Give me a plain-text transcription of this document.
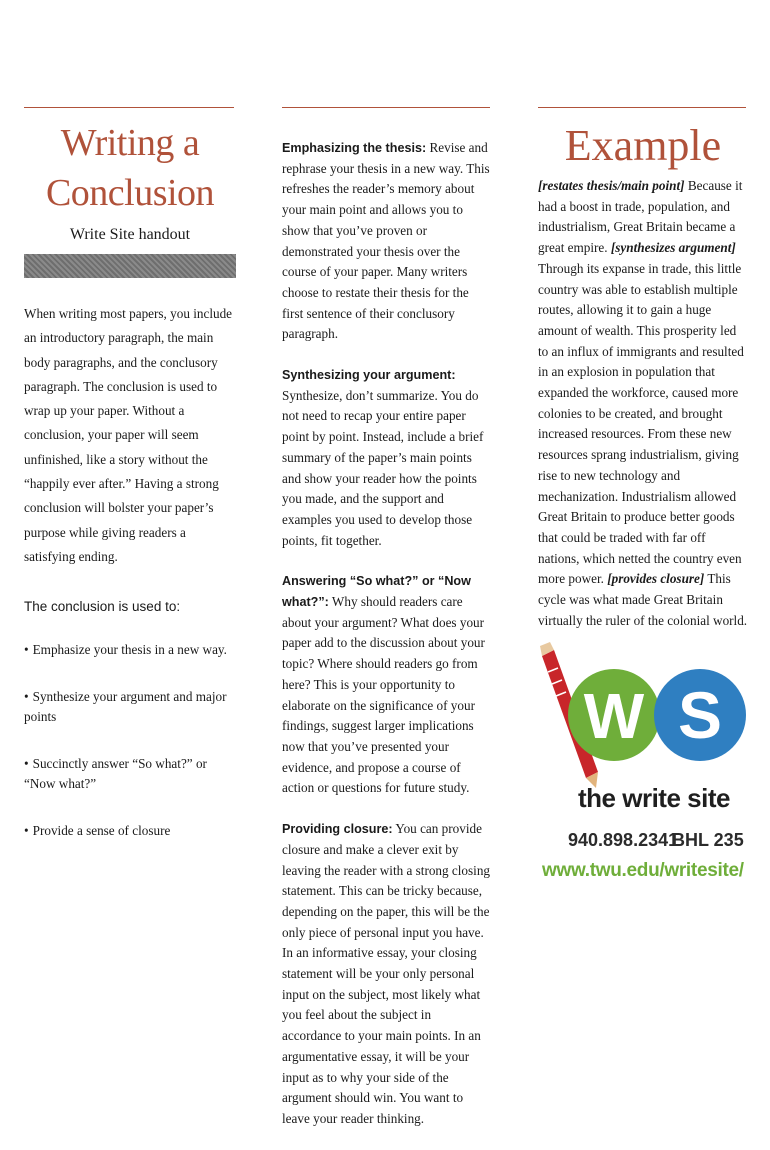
Writing a
Conclusion
Write Site handout
When writing most papers, you include an introductory paragraph, the main body paragraphs, and the conclusory paragraph. The conclusion is used to wrap up your paper. Without a conclusion, your paper will seem unfinished, like a story without the “happily ever after.” Having a strong conclusion will bolster your paper’s purpose while giving readers a satisfying ending.
The conclusion is used to:
• Emphasize your thesis in a new way.
• Synthesize your argument and major points
• Succinctly answer “So what?” or “Now what?”
• Provide a sense of closure

Emphasizing the thesis: Revise and rephrase your thesis in a new way. This refreshes the reader’s memory about your main point and allows you to show that you’ve proven or demonstrated your thesis over the course of your paper. Many writers choose to restate their thesis for the first sentence of their conclusory paragraph.

Synthesizing your argument: Synthesize, don’t summarize. You do not need to recap your entire paper point by point. Instead, include a brief summary of the paper’s main points and show your reader how the points you made, and the support and examples you used to develop those points, fit together.

Answering “So what?” or “Now what?”: Why should readers care about your argument? What does your paper add to the discussion about your topic? Where should readers go from here? This is your opportunity to elaborate on the significance of your findings, suggest larger implications now that you’ve presented your evidence, and propose a course of action or questions for future study.

Providing closure: You can provide closure and make a clever exit by leaving the reader with a strong closing statement. This can be tricky because, depending on the paper, this will be the only piece of personal input you have. In an informative essay, your closing statement will be your only personal input on the subject, most likely what you feel about the subject in accordance to your main points. In an argumentative essay, it will be your input as to why your side of the argument should win. You want to leave your reader thinking.

Example

[restates thesis/main point] Because it had a boost in trade, population, and industrialism, Great Britain became a great empire. [synthesizes argument] Through its expanse in trade, this little country was able to establish multiple routes, allowing it to gain a huge amount of wealth. This prosperity led to an influx of immigrants and resulted in an explosion in population that expanded the workforce, caused more colonies to be created, and brought increased resources. From these new resources sprang industrialism, giving rise to new technology and mechanization. Industrialism allowed Great Britain to produce better goods that could be traded with far off nations, which netted the country even more power. [provides closure] This cycle was what made Great Britain virtually the ruler of the colonial world.

W S
the write site
940.898.2341
BHL 235
www.twu.edu/writesite/
